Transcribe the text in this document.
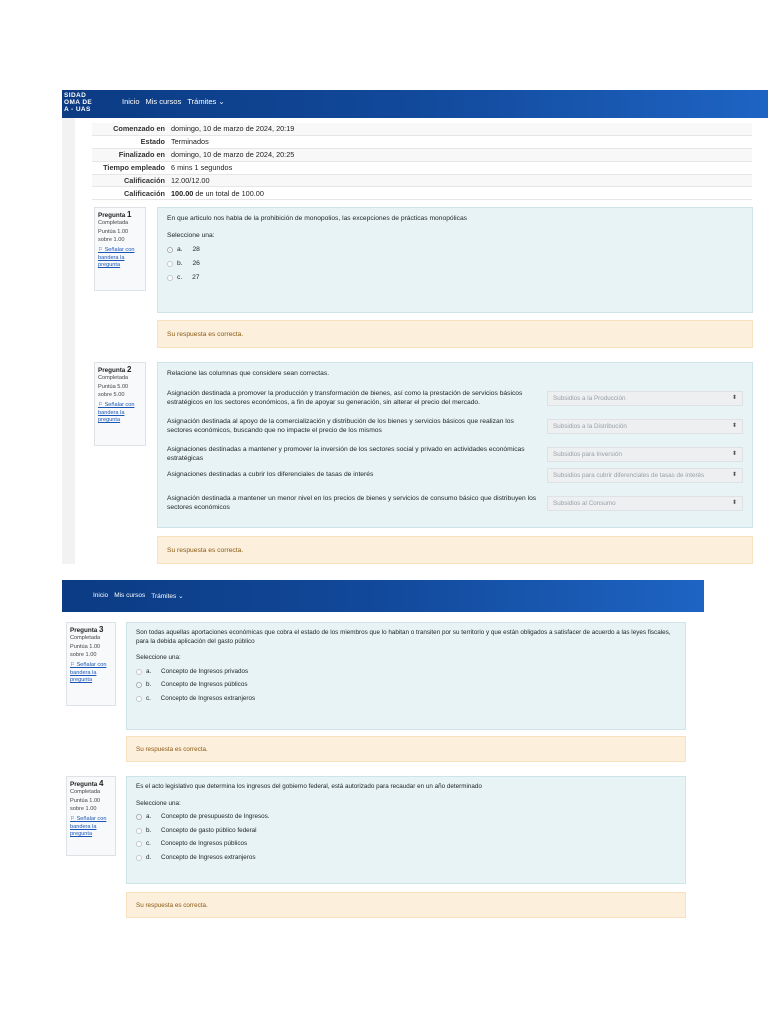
SIDAD
OMA DE
A - UAS
Inicio Mis cursos Trámites ⌄
Comenzado en	domingo, 10 de marzo de 2024, 20:19
Estado	Terminados
Finalizado en	domingo, 10 de marzo de 2024, 20:25
Tiempo empleado	6 mins 1 segundos
Calificación	12.00/12.00
Calificación	100.00 de un total de 100.00
Pregunta 1
Completada
Puntúa 1.00 sobre 1.00
⚐ Señalar con bandera la pregunta
En que articulo nos habla de la prohibición de monopolios, las excepciones de prácticas monopólicas
Seleccione una:
a.
28
b.
26
c.
27
Su respuesta es correcta.
Pregunta 2
Completada
Puntúa 5.00 sobre 5.00
⚐ Señalar con bandera la pregunta
Relacione las columnas que considere sean correctas.
Asignación destinada a promover la producción y transformación de bienes, así como la prestación de servicios básicos estratégicos en los sectores económicos, a fin de apoyar su generación, sin alterar el precio del mercado.	Subsidios a la Producción	⬍
Asignación destinada al apoyo de la comercialización y distribución de los bienes y servicios básicos que realizan los sectores económicos, buscando que no impacte el precio de los mismos	Subsidios a la Distribución	⬍
Asignaciones destinadas a mantener y promover la inversión de los sectores social y privado en actividades económicas estratégicas	Subsidios para Inversión	⬍
Asignaciones destinadas a cubrir los diferenciales de tasas de interés	Subsidios para cubrir diferenciales de tasas de interés	⬍
Asignación destinada a mantener un menor nivel en los precios de bienes y servicios de consumo básico que distribuyen los sectores económicos	Subsidios al Consumo	⬍
Su respuesta es correcta.
Inicio Mis cursos Trámites ⌄
Pregunta 3
Completada
Puntúa 1.00 sobre 1.00
⚐ Señalar con bandera la pregunta
Son todas aquellas aportaciones económicas que cobra el estado de los miembros que lo habitan o transiten por su territorio y que están obligados a satisfacer de acuerdo a las leyes fiscales, para la debida aplicación del gasto público
Seleccione una:
a.
Concepto de Ingresos privados
b.
Concepto de Ingresos públicos
c.
Concepto de Ingresos extranjeros
Su respuesta es correcta.
Pregunta 4
Completada
Puntúa 1.00 sobre 1.00
⚐ Señalar con bandera la pregunta
Es el acto legislativo que determina los ingresos del gobierno federal, está autorizado para recaudar en un año determinado
Seleccione una:
a.
Concepto de presupuesto de Ingresos.
b.
Concepto de gasto público federal
c.
Concepto de Ingresos públicos
d.
Concepto de Ingresos extranjeros
Su respuesta es correcta.
